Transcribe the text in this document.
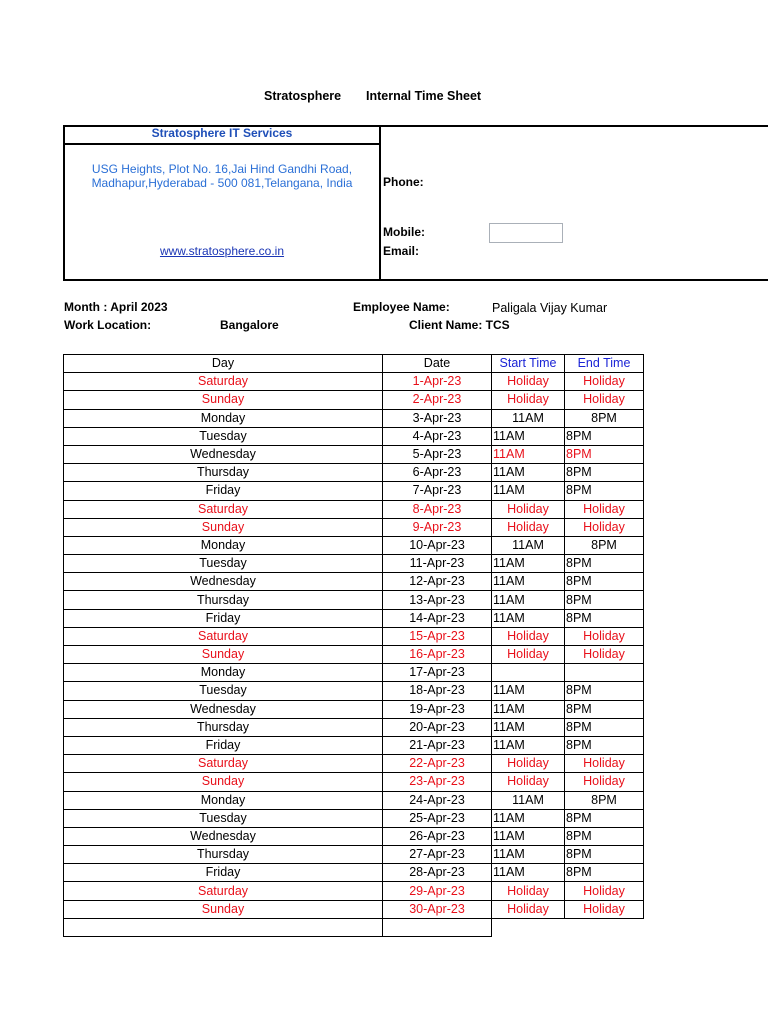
Stratosphere Internal Time Sheet
Stratosphere IT Services
USG Heights, Plot No. 16,Jai Hind Gandhi Road,
Madhapur,Hyderabad - 500 081,Telangana, India
www.stratosphere.co.in
Phone:
Mobile:
Email:
Month : April 2023
Work Location:	Bangalore
Employee Name:	Paligala Vijay Kumar
Client Name: TCS
Day	Date	Start Time	End Time
Saturday	1-Apr-23	Holiday	Holiday
Sunday	2-Apr-23	Holiday	Holiday
Monday	3-Apr-23	11AM	8PM
Tuesday	4-Apr-23	11AM	8PM
Wednesday	5-Apr-23	11AM	8PM
Thursday	6-Apr-23	11AM	8PM
Friday	7-Apr-23	11AM	8PM
Saturday	8-Apr-23	Holiday	Holiday
Sunday	9-Apr-23	Holiday	Holiday
Monday	10-Apr-23	11AM	8PM
Tuesday	11-Apr-23	11AM	8PM
Wednesday	12-Apr-23	11AM	8PM
Thursday	13-Apr-23	11AM	8PM
Friday	14-Apr-23	11AM	8PM
Saturday	15-Apr-23	Holiday	Holiday
Sunday	16-Apr-23	Holiday	Holiday
Monday	17-Apr-23		
Tuesday	18-Apr-23	11AM	8PM
Wednesday	19-Apr-23	11AM	8PM
Thursday	20-Apr-23	11AM	8PM
Friday	21-Apr-23	11AM	8PM
Saturday	22-Apr-23	Holiday	Holiday
Sunday	23-Apr-23	Holiday	Holiday
Monday	24-Apr-23	11AM	8PM
Tuesday	25-Apr-23	11AM	8PM
Wednesday	26-Apr-23	11AM	8PM
Thursday	27-Apr-23	11AM	8PM
Friday	28-Apr-23	11AM	8PM
Saturday	29-Apr-23	Holiday	Holiday
Sunday	30-Apr-23	Holiday	Holiday
